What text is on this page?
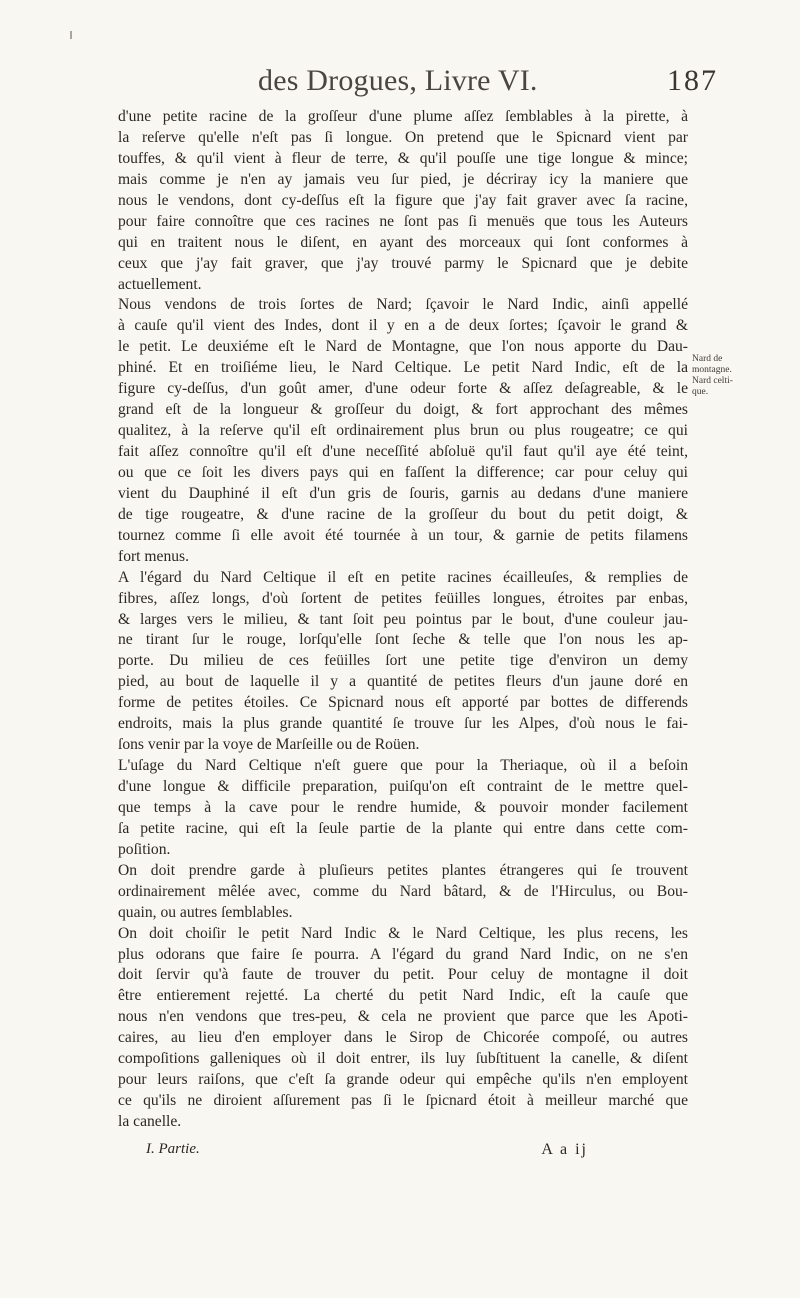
des Drogues, Livre VI.	187
d'une petite racine de la groſſeur d'une plume aſſez ſemblables à la pirette, à
la reſerve qu'elle n'eſt pas ſi longue. On pretend que le Spicnard vient par
touffes, & qu'il vient à fleur de terre, & qu'il pouſſe une tige longue & mince;
mais comme je n'en ay jamais veu ſur pied, je décriray icy la maniere que
nous le vendons, dont cy-deſſus eſt la figure que j'ay fait graver avec ſa racine,
pour faire connoître que ces racines ne ſont pas ſi menuës que tous les Auteurs
qui en traitent nous le diſent, en ayant des morceaux qui ſont conformes à
ceux que j'ay fait graver, que j'ay trouvé parmy le Spicnard que je debite
actuellement.
Nous vendons de trois ſortes de Nard; ſçavoir le Nard Indic, ainſi appellé
à cauſe qu'il vient des Indes, dont il y en a de deux ſortes; ſçavoir le grand &
le petit. Le deuxiéme eſt le Nard de Montagne, que l'on nous apporte du Dau-
phiné. Et en troiſiéme lieu, le Nard Celtique. Le petit Nard Indic, eſt de la
figure cy-deſſus, d'un goût amer, d'une odeur forte & aſſez deſagreable, & le
grand eſt de la longueur & groſſeur du doigt, & fort approchant des mêmes
qualitez, à la reſerve qu'il eſt ordinairement plus brun ou plus rougeatre; ce qui
fait aſſez connoître qu'il eſt d'une neceſſité abſoluë qu'il faut qu'il aye été teint,
ou que ce ſoit les divers pays qui en faſſent la difference; car pour celuy qui
vient du Dauphiné il eſt d'un gris de ſouris, garnis au dedans d'une maniere
de tige rougeatre, & d'une racine de la groſſeur du bout du petit doigt, &
tournez comme ſi elle avoit été tournée à un tour, & garnie de petits filamens
fort menus.
A l'égard du Nard Celtique il eſt en petite racines écailleuſes, & remplies de
fibres, aſſez longs, d'où ſortent de petites feüilles longues, étroites par enbas,
& larges vers le milieu, & tant ſoit peu pointus par le bout, d'une couleur jau-
ne tirant ſur le rouge, lorſqu'elle ſont ſeche & telle que l'on nous les ap-
porte. Du milieu de ces feüilles ſort une petite tige d'environ un demy
pied, au bout de laquelle il y a quantité de petites fleurs d'un jaune doré en
forme de petites étoiles. Ce Spicnard nous eſt apporté par bottes de differends
endroits, mais la plus grande quantité ſe trouve ſur les Alpes, d'où nous le fai-
ſons venir par la voye de Marſeille ou de Roüen.
L'uſage du Nard Celtique n'eſt guere que pour la Theriaque, où il a beſoin
d'une longue & difficile preparation, puiſqu'on eſt contraint de le mettre quel-
que temps à la cave pour le rendre humide, & pouvoir monder facilement
ſa petite racine, qui eſt la ſeule partie de la plante qui entre dans cette com-
poſition.
On doit prendre garde à pluſieurs petites plantes étrangeres qui ſe trouvent
ordinairement mêlée avec, comme du Nard bâtard, & de l'Hirculus, ou Bou-
quain, ou autres ſemblables.
On doit choiſir le petit Nard Indic & le Nard Celtique, les plus recens, les
plus odorans que faire ſe pourra. A l'égard du grand Nard Indic, on ne s'en
doit ſervir qu'à faute de trouver du petit. Pour celuy de montagne il doit
être entierement rejetté. La cherté du petit Nard Indic, eſt la cauſe que
nous n'en vendons que tres-peu, & cela ne provient que parce que les Apoti-
caires, au lieu d'en employer dans le Sirop de Chicorée compoſé, ou autres
compoſitions galleniques où il doit entrer, ils luy ſubſtituent la canelle, & diſent
pour leurs raiſons, que c'eſt ſa grande odeur qui empêche qu'ils n'en employent
ce qu'ils ne diroient aſſurement pas ſi le ſpicnard étoit à meilleur marché que
la canelle.
Nard de
montagne.
Nard celti-
que.
I. Partie.	A a ij
